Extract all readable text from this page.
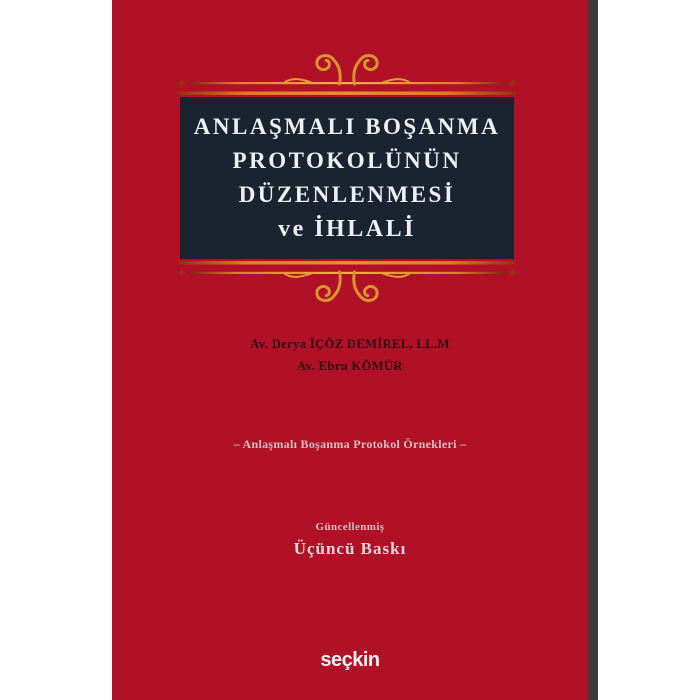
ANLAŞMALI BOŞANMA
PROTOKOLÜNÜN
DÜZENLENMESİ
ve İHLALİ
Av. Derya İÇÖZ DEMİREL, LL.M
Av. Ebru KÖMÜR
– Anlaşmalı Boşanma Protokol Örnekleri –
Güncellenmiş
Üçüncü Baskı
seçkin
